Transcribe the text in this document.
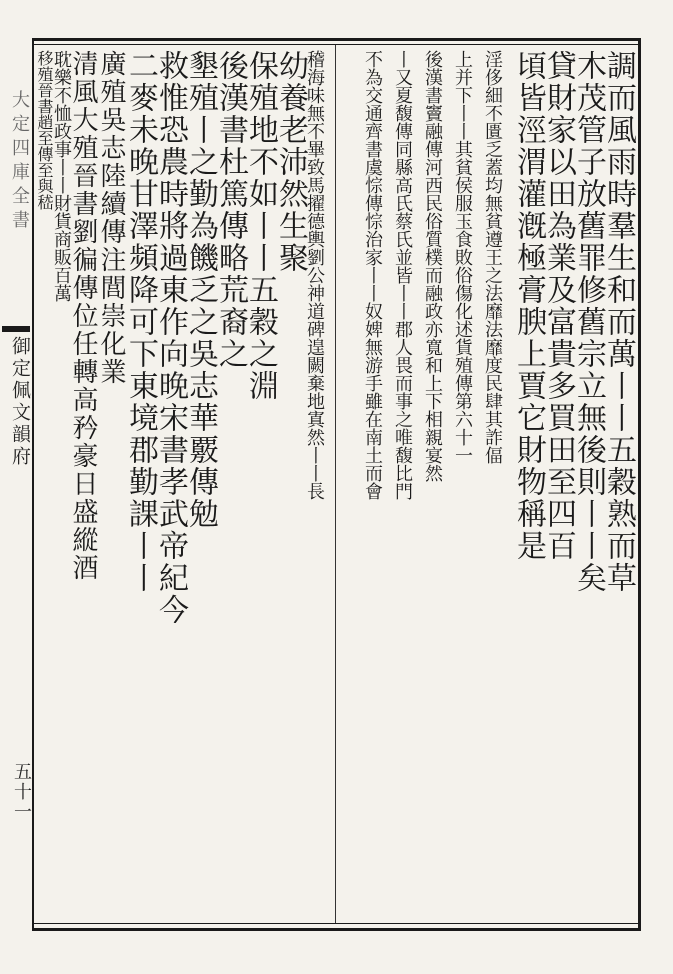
大定四庫全書
御定佩文韻府
五十一
調而風雨時羣生和而萬丨丨五穀熟而草
木茂管子放舊罪修舊宗立無後則丨丨矣
貸財家以田為業及富貴多買田至四百
頃皆涇渭灌漑極膏腴上賈它財物稱是
淫侈細不匱乏蓋均無貧遵王之法靡法靡度民肆其詐偪
上并下丨丨其貧侯服玉食敗俗傷化述貨殖傳第六十一
後漢書竇融傳河西民俗質樸而融政亦寬和上下相親宴然
丨又夏馥傳同縣高氏蔡氏並皆丨丨郡人畏而事之唯馥比門
不為交通齊書虞悰傳悰治家丨丨奴婢無游手雖在南土而會
稽海味無不畢致馬擢德輿劉公神道碑遑闕棄地寘然丨丨長
幼養老沛然生聚
保殖地不如丨丨五穀之淵
後漢書杜篤傳略荒裔之
墾殖丨之勤為饑乏之吳志華覈傳勉
救惟恐農時將過東作向晚宋書孝武帝紀今
二麥未晚甘澤頻降可下東境郡勤課丨丨
廣殖吳志陸續傳注閭崇化業
清風大殖晉書劉徧傳位任轉高矜豪日盛縱酒
耽樂不恤政事丨丨財貨商販百萬
移殖晉書趙至傳至與嵇
